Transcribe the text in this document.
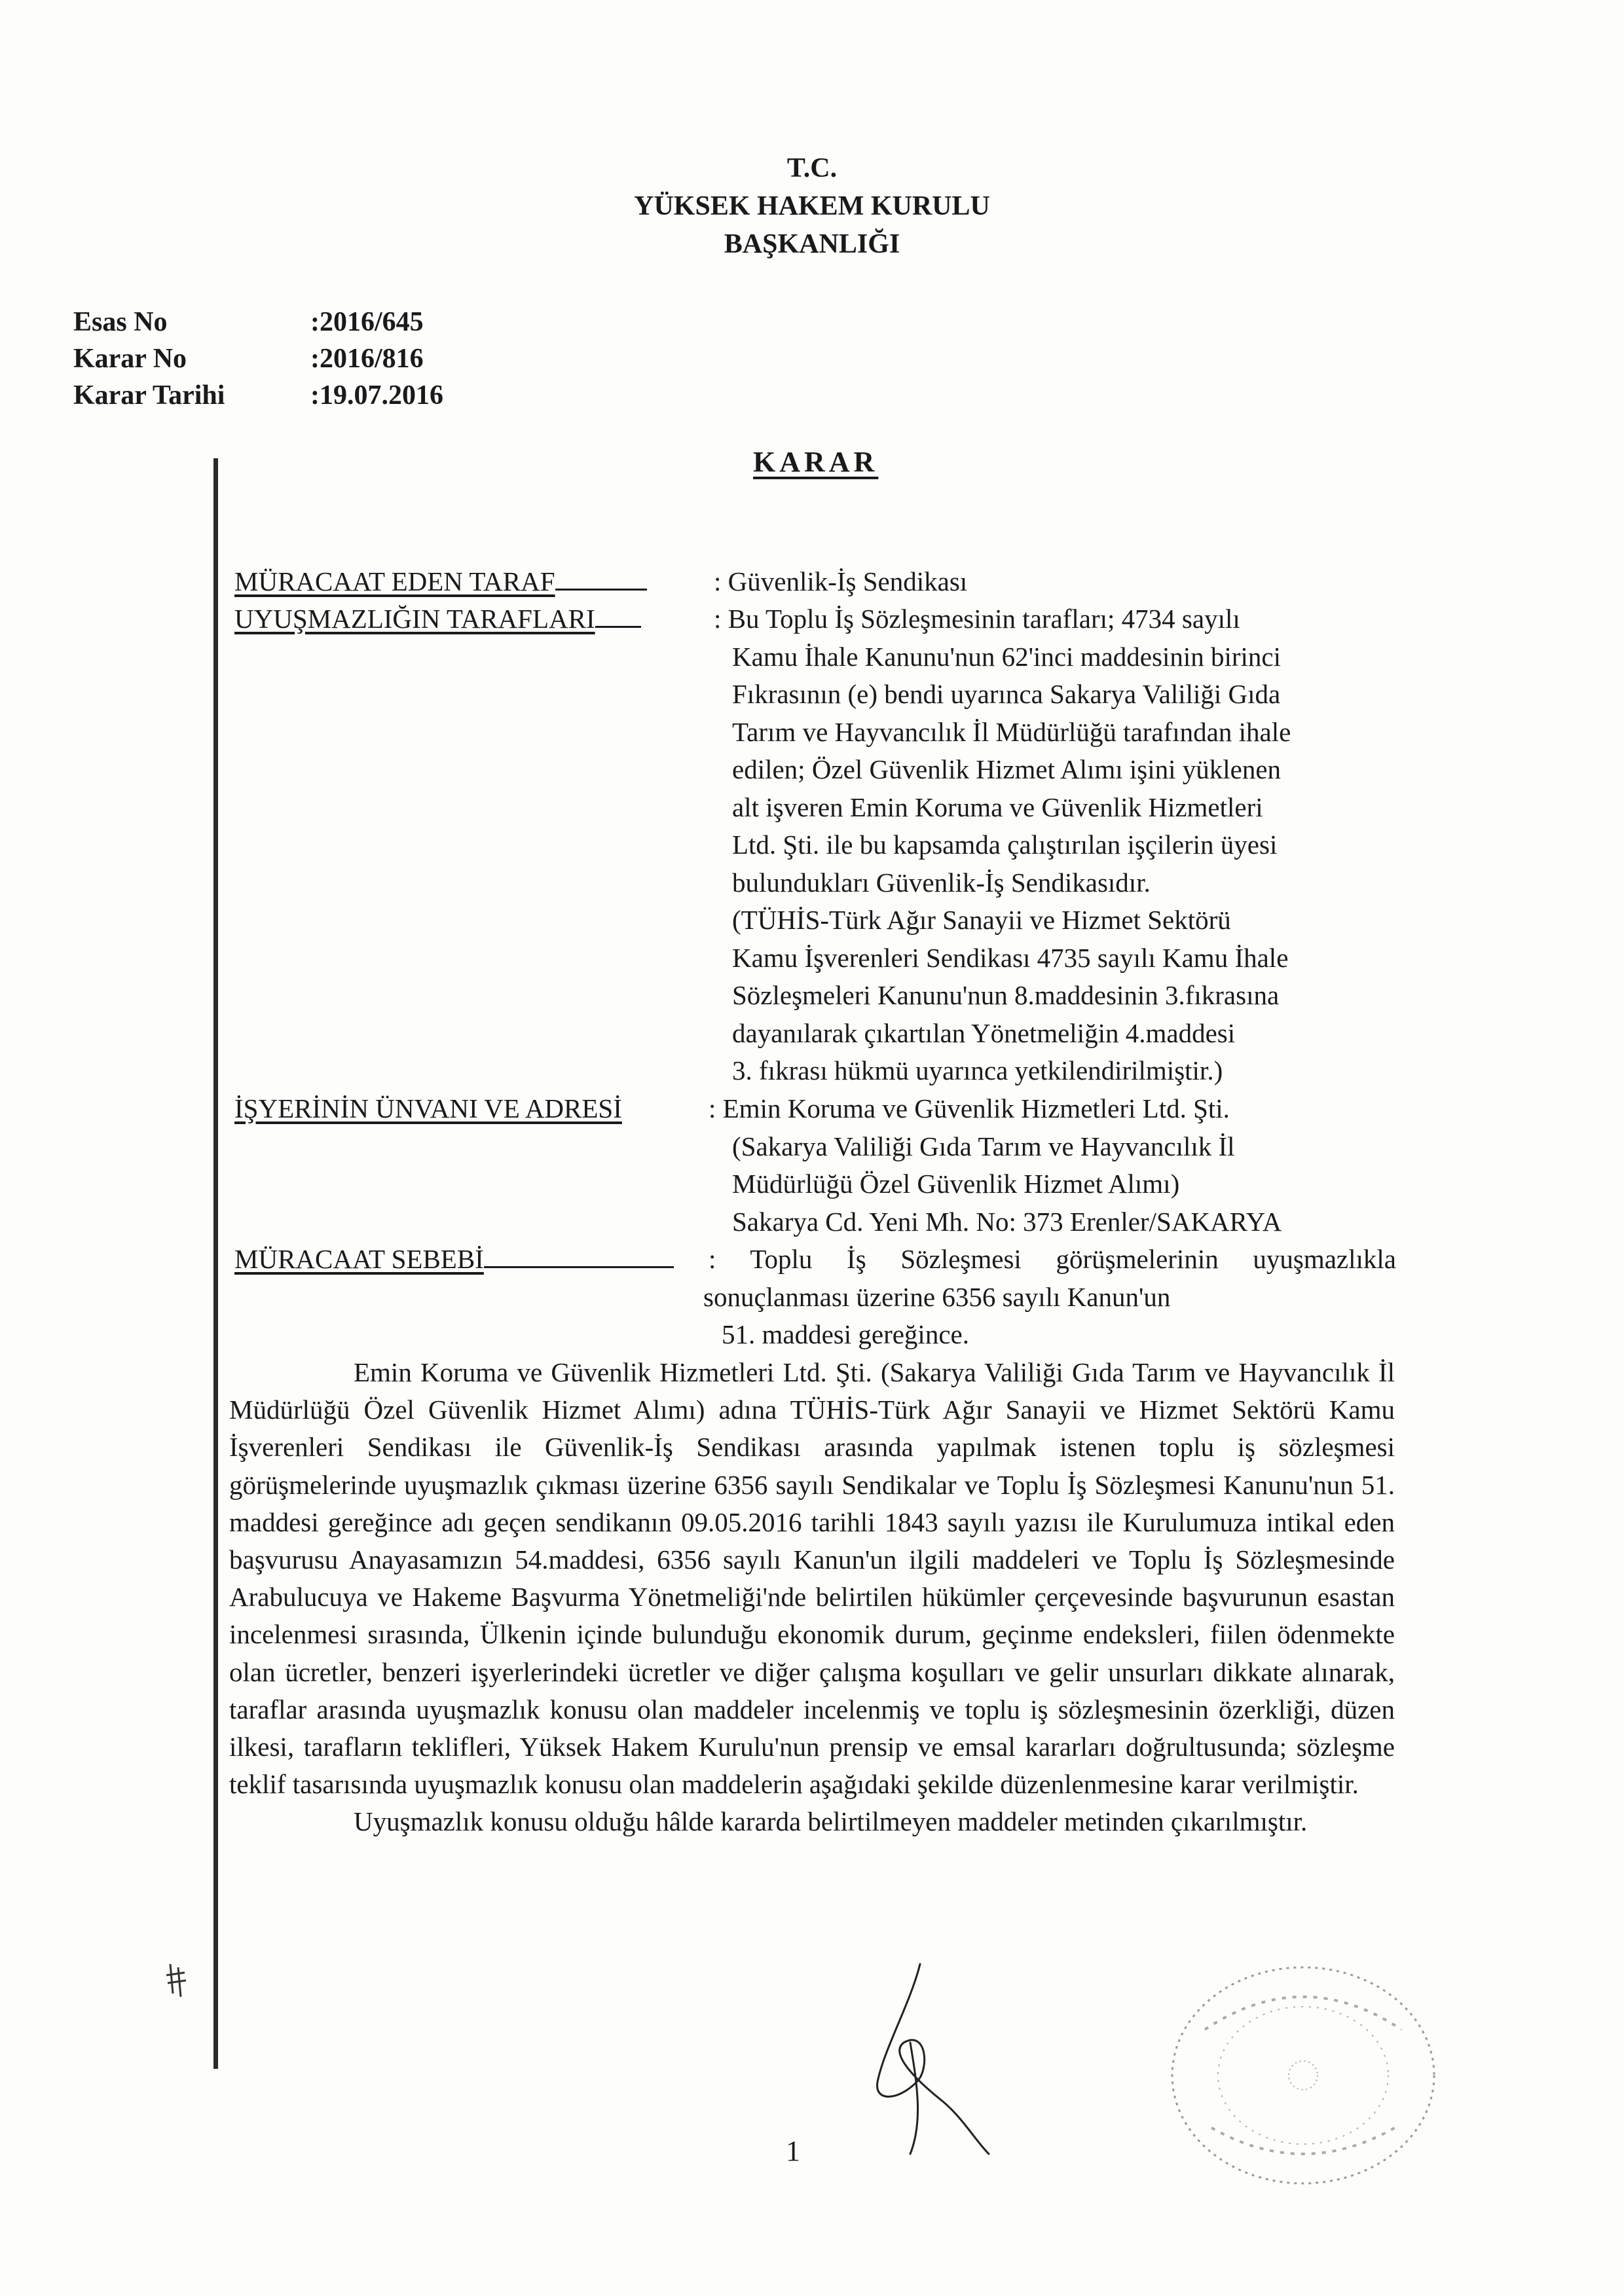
T.C.
YÜKSEK HAKEM KURULU
BAŞKANLIĞI
Esas No	:2016/645
Karar No	:2016/816
Karar Tarihi	:19.07.2016
KARAR
MÜRACAAT EDEN TARAF	: Güvenlik-İş Sendikası
UYUŞMAZLIĞIN TARAFLARI	: Bu Toplu İş Sözleşmesinin tarafları; 4734 sayılı
Kamu İhale Kanunu'nun 62'inci maddesinin birinci
Fıkrasının (e) bendi uyarınca Sakarya Valiliği Gıda
Tarım ve Hayvancılık İl Müdürlüğü tarafından ihale
edilen; Özel Güvenlik Hizmet Alımı işini yüklenen
alt işveren Emin Koruma ve Güvenlik Hizmetleri
Ltd. Şti. ile bu kapsamda çalıştırılan işçilerin üyesi
bulundukları Güvenlik-İş Sendikasıdır.
(TÜHİS-Türk Ağır Sanayii ve Hizmet Sektörü
Kamu İşverenleri Sendikası 4735 sayılı Kamu İhale
Sözleşmeleri Kanunu'nun 8.maddesinin 3.fıkrasına
dayanılarak çıkartılan Yönetmeliğin 4.maddesi
3. fıkrası hükmü uyarınca yetkilendirilmiştir.)
İŞYERİNİN ÜNVANI VE ADRESİ	: Emin Koruma ve Güvenlik Hizmetleri Ltd. Şti.
(Sakarya Valiliği Gıda Tarım ve Hayvancılık İl
Müdürlüğü Özel Güvenlik Hizmet Alımı)
Sakarya Cd. Yeni Mh. No: 373 Erenler/SAKARYA
MÜRACAAT SEBEBİ	: Toplu İş Sözleşmesi görüşmelerinin uyuşmazlıkla
sonuçlanması üzerine 6356 sayılı Kanun'un
51. maddesi gereğince.

Emin Koruma ve Güvenlik Hizmetleri Ltd. Şti. (Sakarya Valiliği Gıda Tarım ve Hayvancılık İl Müdürlüğü Özel Güvenlik Hizmet Alımı) adına TÜHİS-Türk Ağır Sanayii ve Hizmet Sektörü Kamu İşverenleri Sendikası ile Güvenlik-İş Sendikası arasında yapılmak istenen toplu iş sözleşmesi görüşmelerinde uyuşmazlık çıkması üzerine 6356 sayılı Sendikalar ve Toplu İş Sözleşmesi Kanunu'nun 51. maddesi gereğince adı geçen sendikanın 09.05.2016 tarihli 1843 sayılı yazısı ile Kurulumuza intikal eden başvurusu Anayasamızın 54.maddesi, 6356 sayılı Kanun'un ilgili maddeleri ve Toplu İş Sözleşmesinde Arabulucuya ve Hakeme Başvurma Yönetmeliği'nde belirtilen hükümler çerçevesinde başvurunun esastan incelenmesi sırasında, Ülkenin içinde bulunduğu ekonomik durum, geçinme endeksleri, fiilen ödenmekte olan ücretler, benzeri işyerlerindeki ücretler ve diğer çalışma koşulları ve gelir unsurları dikkate alınarak, taraflar arasında uyuşmazlık konusu olan maddeler incelenmiş ve toplu iş sözleşmesinin özerkliği, düzen ilkesi, tarafların teklifleri, Yüksek Hakem Kurulu'nun prensip ve emsal kararları doğrultusunda; sözleşme teklif tasarısında uyuşmazlık konusu olan maddelerin aşağıdaki şekilde düzenlenmesine karar verilmiştir.

Uyuşmazlık konusu olduğu hâlde kararda belirtilmeyen maddeler metinden çıkarılmıştır.

1
